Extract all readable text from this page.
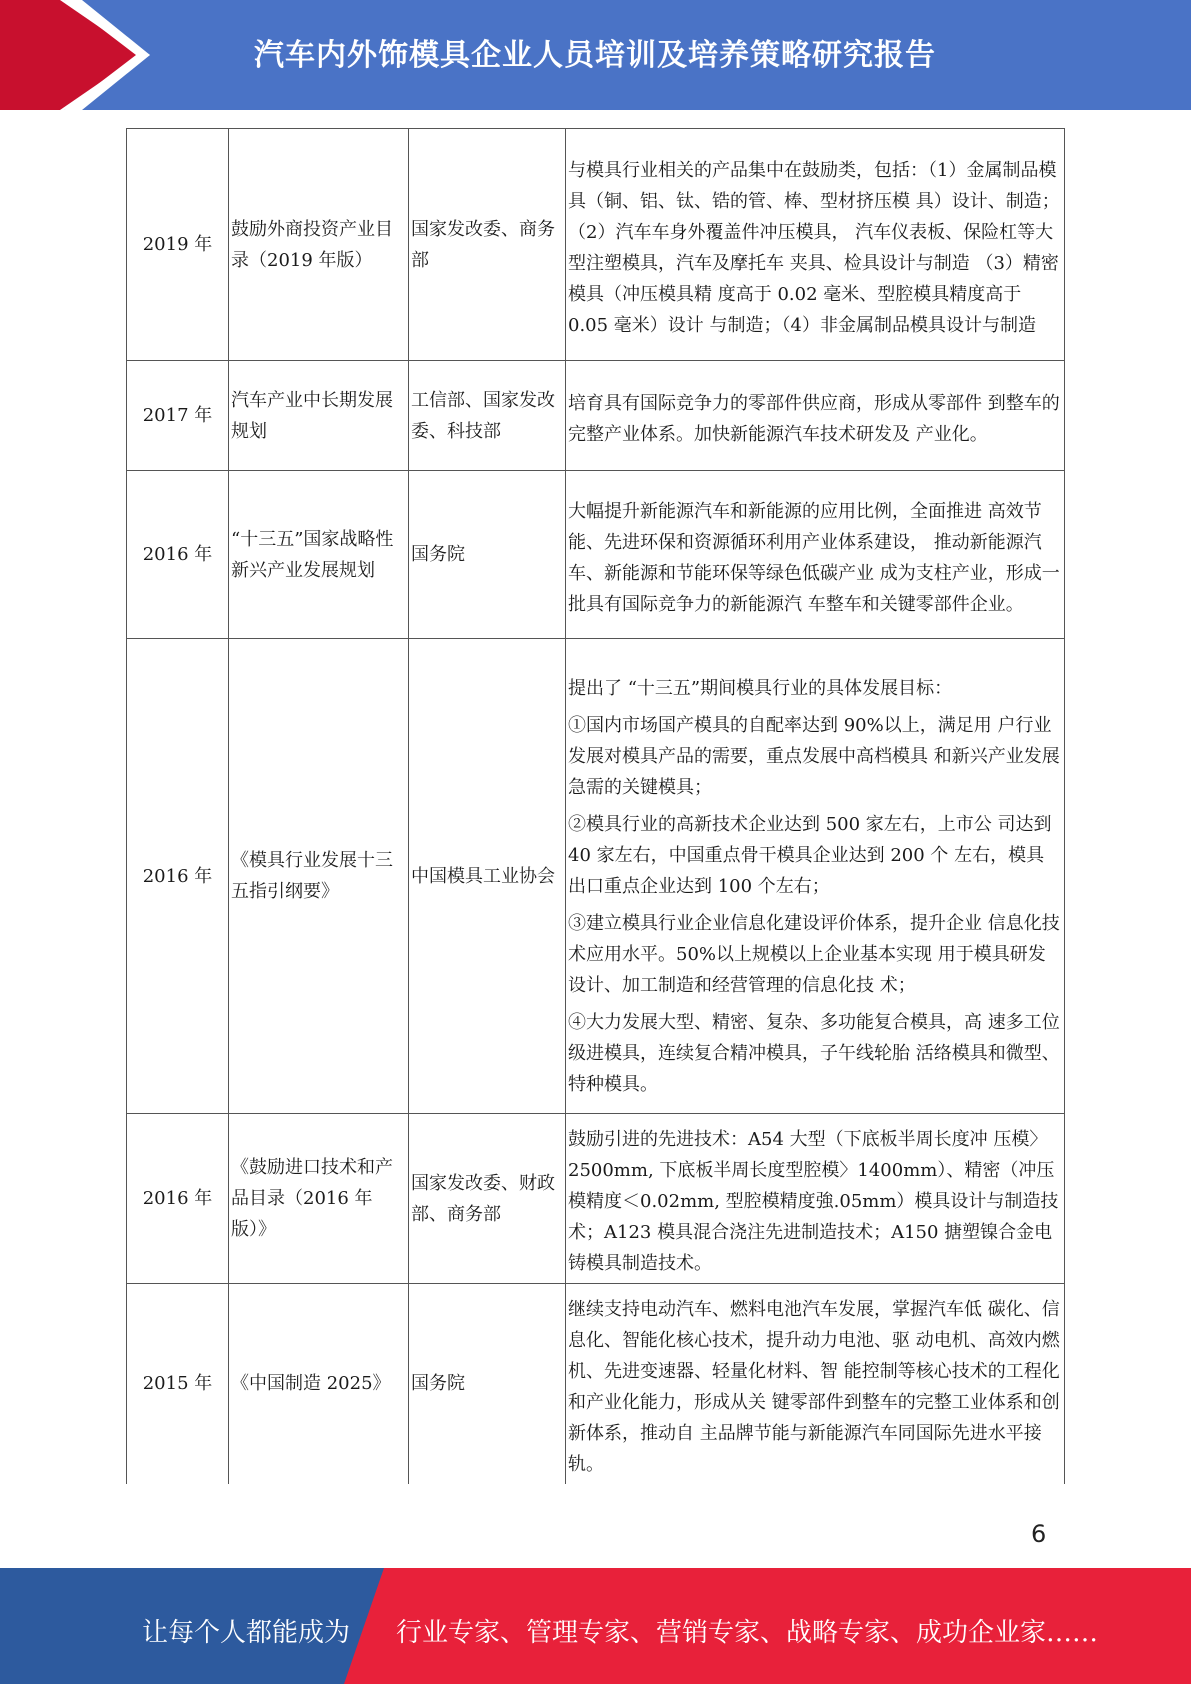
汽车内外饰模具企业人员培训及培养策略研究报告
2019 年	鼓励外商投资产业目录（2019 年版）	国家发改委、商务部	与模具行业相关的产品集中在鼓励类，包括：（1）金属制品模具（铜、铝、钛、锆的管、棒、型材挤压模 具）设计、制造；（2）汽车车身外覆盖件冲压模具， 汽车仪表板、保险杠等大型注塑模具，汽车及摩托车 夹具、检具设计与制造 （3）精密模具（冲压模具精 度高于 0.02 毫米、型腔模具精度高于 0.05 毫米）设计 与制造；（4）非金属制品模具设计与制造

2017 年	汽车产业中长期发展规划	工信部、国家发改委、科技部	培育具有国际竞争力的零部件供应商，形成从零部件 到整车的完整产业体系。加快新能源汽车技术研发及 产业化。

2016 年	“十三五”国家战略性新兴产业发展规划	国务院	大幅提升新能源汽车和新能源的应用比例，全面推进 高效节能、先进环保和资源循环利用产业体系建设， 推动新能源汽车、新能源和节能环保等绿色低碳产业 成为支柱产业，形成一批具有国际竞争力的新能源汽 车整车和关键零部件企业。

2016 年	《模具行业发展十三五指引纲要》	中国模具工业协会	提出了 “十三五”期间模具行业的具体发展目标：

①国内市场国产模具的自配率达到 90%以上，满足用 户行业发展对模具产品的需要，重点发展中高档模具 和新兴产业发展急需的关键模具；

②模具行业的高新技术企业达到 500 家左右，上市公 司达到 40 家左右，中国重点骨干模具企业达到 200 个 左右，模具出口重点企业达到 100 个左右；

③建立模具行业企业信息化建设评价体系，提升企业 信息化技术应用水平。50%以上规模以上企业基本实现 用于模具研发设计、加工制造和经营管理的信息化技 术；

④大力发展大型、精密、复杂、多功能复合模具，高 速多工位级进模具，连续复合精冲模具，子午线轮胎 活络模具和微型、特种模具。

2016 年	《鼓励进口技术和产品目录（2016 年版）》	国家发改委、财政部、商务部	鼓励引进的先进技术：A54 大型（下底板半周长度冲 压模〉2500mm, 下底板半周长度型腔模〉1400mm）、精密（冲压模精度＜0.02mm, 型腔模精度強.05mm）模具设计与制造技术；A123 模具混合浇注先进制造技术；A150 搪塑镍合金电铸模具制造技术。

2015 年	《中国制造 2025》	国务院	继续支持电动汽车、燃料电池汽车发展，掌握汽车低 碳化、信息化、智能化核心技术，提升动力电池、驱 动电机、高效内燃机、先进变速器、轻量化材料、智 能控制等核心技术的工程化和产业化能力，形成从关 键零部件到整车的完整工业体系和创新体系，推动自 主品牌节能与新能源汽车同国际先进水平接轨。

6
让每个人都能成为 行业专家、管理专家、营销专家、战略专家、成功企业家……
